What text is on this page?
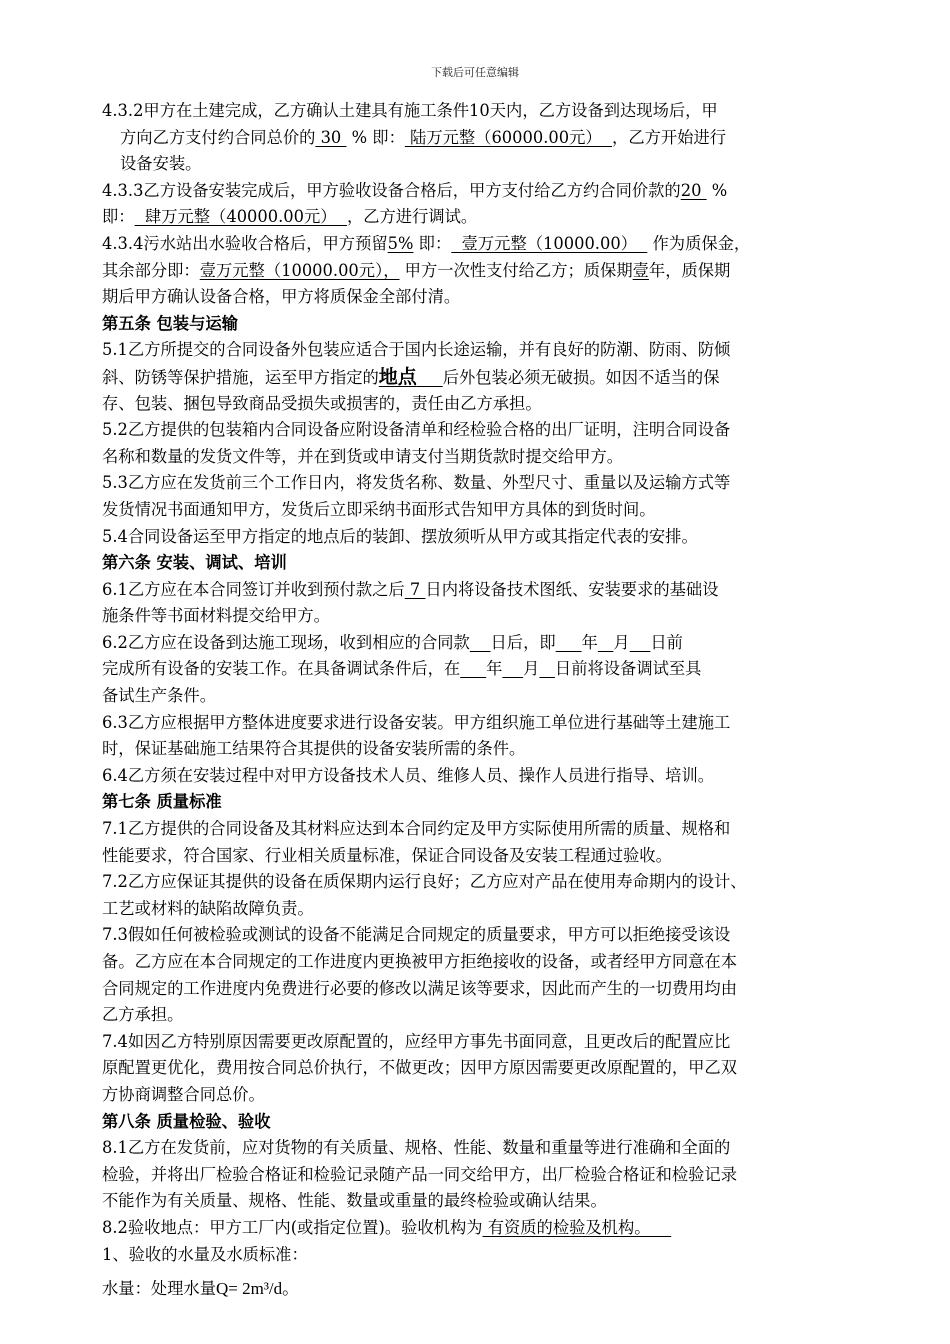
下载后可任意编辑
4.3.2甲方在土建完成，乙方确认土建具有施工条件10天内，乙方设备到达现场后，甲
方向乙方支付约合同总价的 30  % 即： 陆万元整（60000.00元）  ，乙方开始进行
设备安装。
4.3.3乙方设备安装完成后，甲方验收设备合格后，甲方支付给乙方约合同价款的20  %
即：  肆万元整（40000.00元）  ，乙方进行调试。
4.3.4污水站出水验收合格后，甲方预留5% 即：  壹万元整（10000.00）   作为质保金，
其余部分即：壹万元整（10000.00元）， 甲方一次性支付给乙方；质保期壹年，质保期
期后甲方确认设备合格，甲方将质保金全部付清。
第五条 包装与运输
5.1乙方所提交的合同设备外包装应适合于国内长途运输，并有良好的防潮、防雨、防倾
斜、防锈等保护措施，运至甲方指定的地点 后外包装必须无破损。如因不适当的保
存、包装、捆包导致商品受损失或损害的，责任由乙方承担。
5.2乙方提供的包装箱内合同设备应附设备清单和经检验合格的出厂证明，注明合同设备
名称和数量的发货文件等，并在到货或申请支付当期货款时提交给甲方。
5.3乙方应在发货前三个工作日内，将发货名称、数量、外型尺寸、重量以及运输方式等
发货情况书面通知甲方，发货后立即采纳书面形式告知甲方具体的到货时间。
5.4合同设备运至甲方指定的地点后的装卸、摆放须听从甲方或其指定代表的安排。
第六条 安装、调试、培训
6.1乙方应在本合同签订并收到预付款之后 7 日内将设备技术图纸、安装要求的基础设
施条件等书面材料提交给甲方。
6.2乙方应在设备到达施工现场，收到相应的合同款 日后，即 年 月 日前
完成所有设备的安装工作。在具备调试条件后，在 年 月 日前将设备调试至具
备试生产条件。
6.3乙方应根据甲方整体进度要求进行设备安装。甲方组织施工单位进行基础等土建施工
时，保证基础施工结果符合其提供的设备安装所需的条件。
6.4乙方须在安装过程中对甲方设备技术人员、维修人员、操作人员进行指导、培训。
第七条 质量标准
7.1乙方提供的合同设备及其材料应达到本合同约定及甲方实际使用所需的质量、规格和
性能要求，符合国家、行业相关质量标准，保证合同设备及安装工程通过验收。
7.2乙方应保证其提供的设备在质保期内运行良好；乙方应对产品在使用寿命期内的设计、
工艺或材料的缺陷故障负责。
7.3假如任何被检验或测试的设备不能满足合同规定的质量要求，甲方可以拒绝接受该设
备。乙方应在本合同规定的工作进度内更换被甲方拒绝接收的设备，或者经甲方同意在本
合同规定的工作进度内免费进行必要的修改以满足该等要求，因此而产生的一切费用均由
乙方承担。
7.4如因乙方特别原因需要更改原配置的，应经甲方事先书面同意，且更改后的配置应比
原配置更优化，费用按合同总价执行，不做更改；因甲方原因需要更改原配置的，甲乙双
方协商调整合同总价。
第八条 质量检验、验收
8.1乙方在发货前，应对货物的有关质量、规格、性能、数量和重量等进行准确和全面的
检验，并将出厂检验合格证和检验记录随产品一同交给甲方，出厂检验合格证和检验记录
不能作为有关质量、规格、性能、数量或重量的最终检验或确认结果。
8.2验收地点：甲方工厂内(或指定位置)。验收机构为 有资质的检验及机构。
1、验收的水量及水质标准：
水量：处理水量Q= 2m³/d。
